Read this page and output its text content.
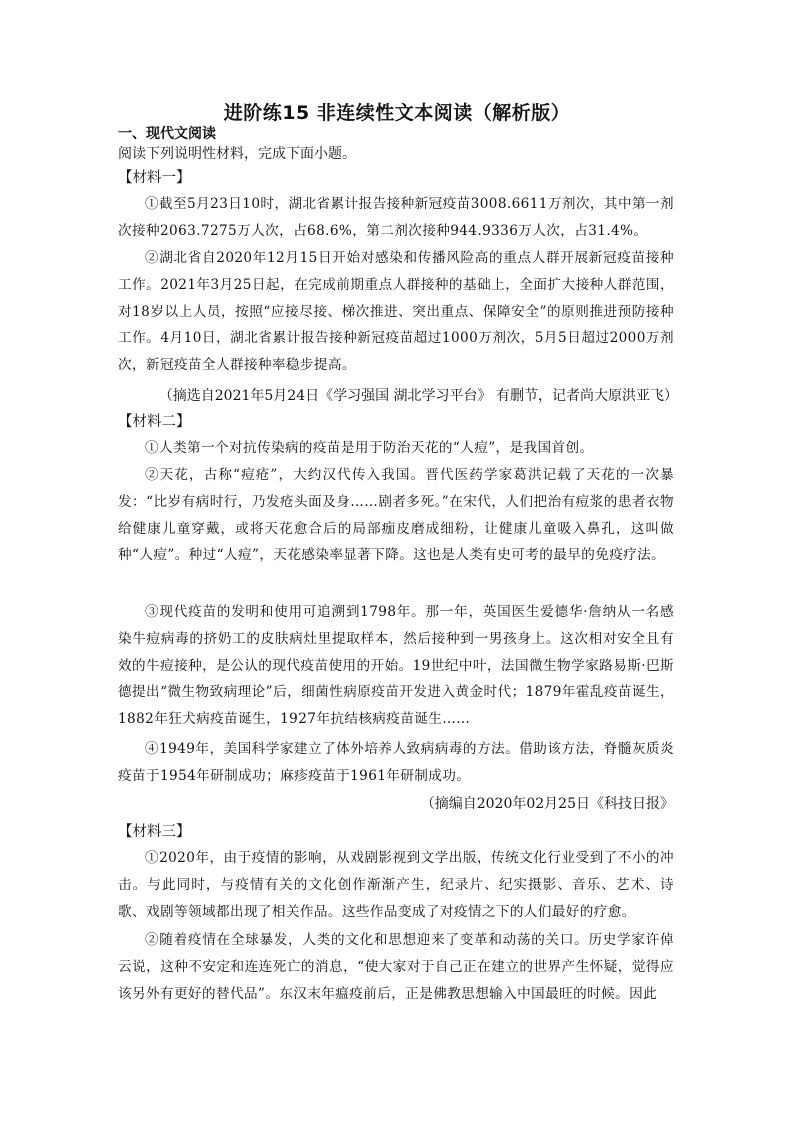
进阶练15 非连续性文本阅读（解析版）
一、现代文阅读
阅读下列说明性材料，完成下面小题。
【材料一】

①截至5月23日10时，湖北省累计报告接种新冠疫苗3008.6611万剂次，其中第一剂次接种2063.7275万人次，占68.6%，第二剂次接种944.9336万人次，占31.4%。

②湖北省自2020年12月15日开始对感染和传播风险高的重点人群开展新冠疫苗接种工作。2021年3月25日起，在完成前期重点人群接种的基础上，全面扩大接种人群范围，对18岁以上人员，按照“应接尽接、梯次推进、突出重点、保障安全”的原则推进预防接种工作。4月10日，湖北省累计报告接种新冠疫苗超过1000万剂次，5月5日超过2000万剂次，新冠疫苗全人群接种率稳步提高。

（摘选自2021年5月24日《学习强国 湖北学习平台》 有删节，记者尚大原洪亚飞）
【材料二】

①人类第一个对抗传染病的疫苗是用于防治天花的“人痘”，是我国首创。

②天花，古称“痘疮”，大约汉代传入我国。晋代医药学家葛洪记载了天花的一次暴发：“比岁有病时行，乃发疮头面及身……剧者多死。”在宋代，人们把治有痘浆的患者衣物给健康儿童穿戴，或将天花愈合后的局部痂皮磨成细粉，让健康儿童吸入鼻孔，这叫做种“人痘”。种过“人痘”，天花感染率显著下降。这也是人类有史可考的最早的免疫疗法。

③现代疫苗的发明和使用可追溯到1798年。那一年，英国医生爱德华·詹纳从一名感染牛痘病毒的挤奶工的皮肤病灶里提取样本，然后接种到一男孩身上。这次相对安全且有效的牛痘接种，是公认的现代疫苗使用的开始。19世纪中叶，法国微生物学家路易斯·巴斯德提出“微生物致病理论”后，细菌性病原疫苗开发进入黄金时代；1879年霍乱疫苗诞生，1882年狂犬病疫苗诞生，1927年抗结核病疫苗诞生……

④1949年，美国科学家建立了体外培养人致病病毒的方法。借助该方法，脊髓灰质炎疫苗于1954年研制成功；麻疹疫苗于1961年研制成功。

（摘编自2020年02月25日《科技日报》
【材料三】

①2020年，由于疫情的影响，从戏剧影视到文学出版，传统文化行业受到了不小的冲击。与此同时，与疫情有关的文化创作渐渐产生，纪录片、纪实摄影、音乐、艺术、诗歌、戏剧等领域都出现了相关作品。这些作品变成了对疫情之下的人们最好的疗愈。

②随着疫情在全球暴发，人类的文化和思想迎来了变革和动荡的关口。历史学家许倬云说，这种不安定和连连死亡的消息，“使大家对于自己正在建立的世界产生怀疑，觉得应该另外有更好的替代品”。东汉末年瘟疫前后，正是佛教思想输入中国最旺的时候。因此
